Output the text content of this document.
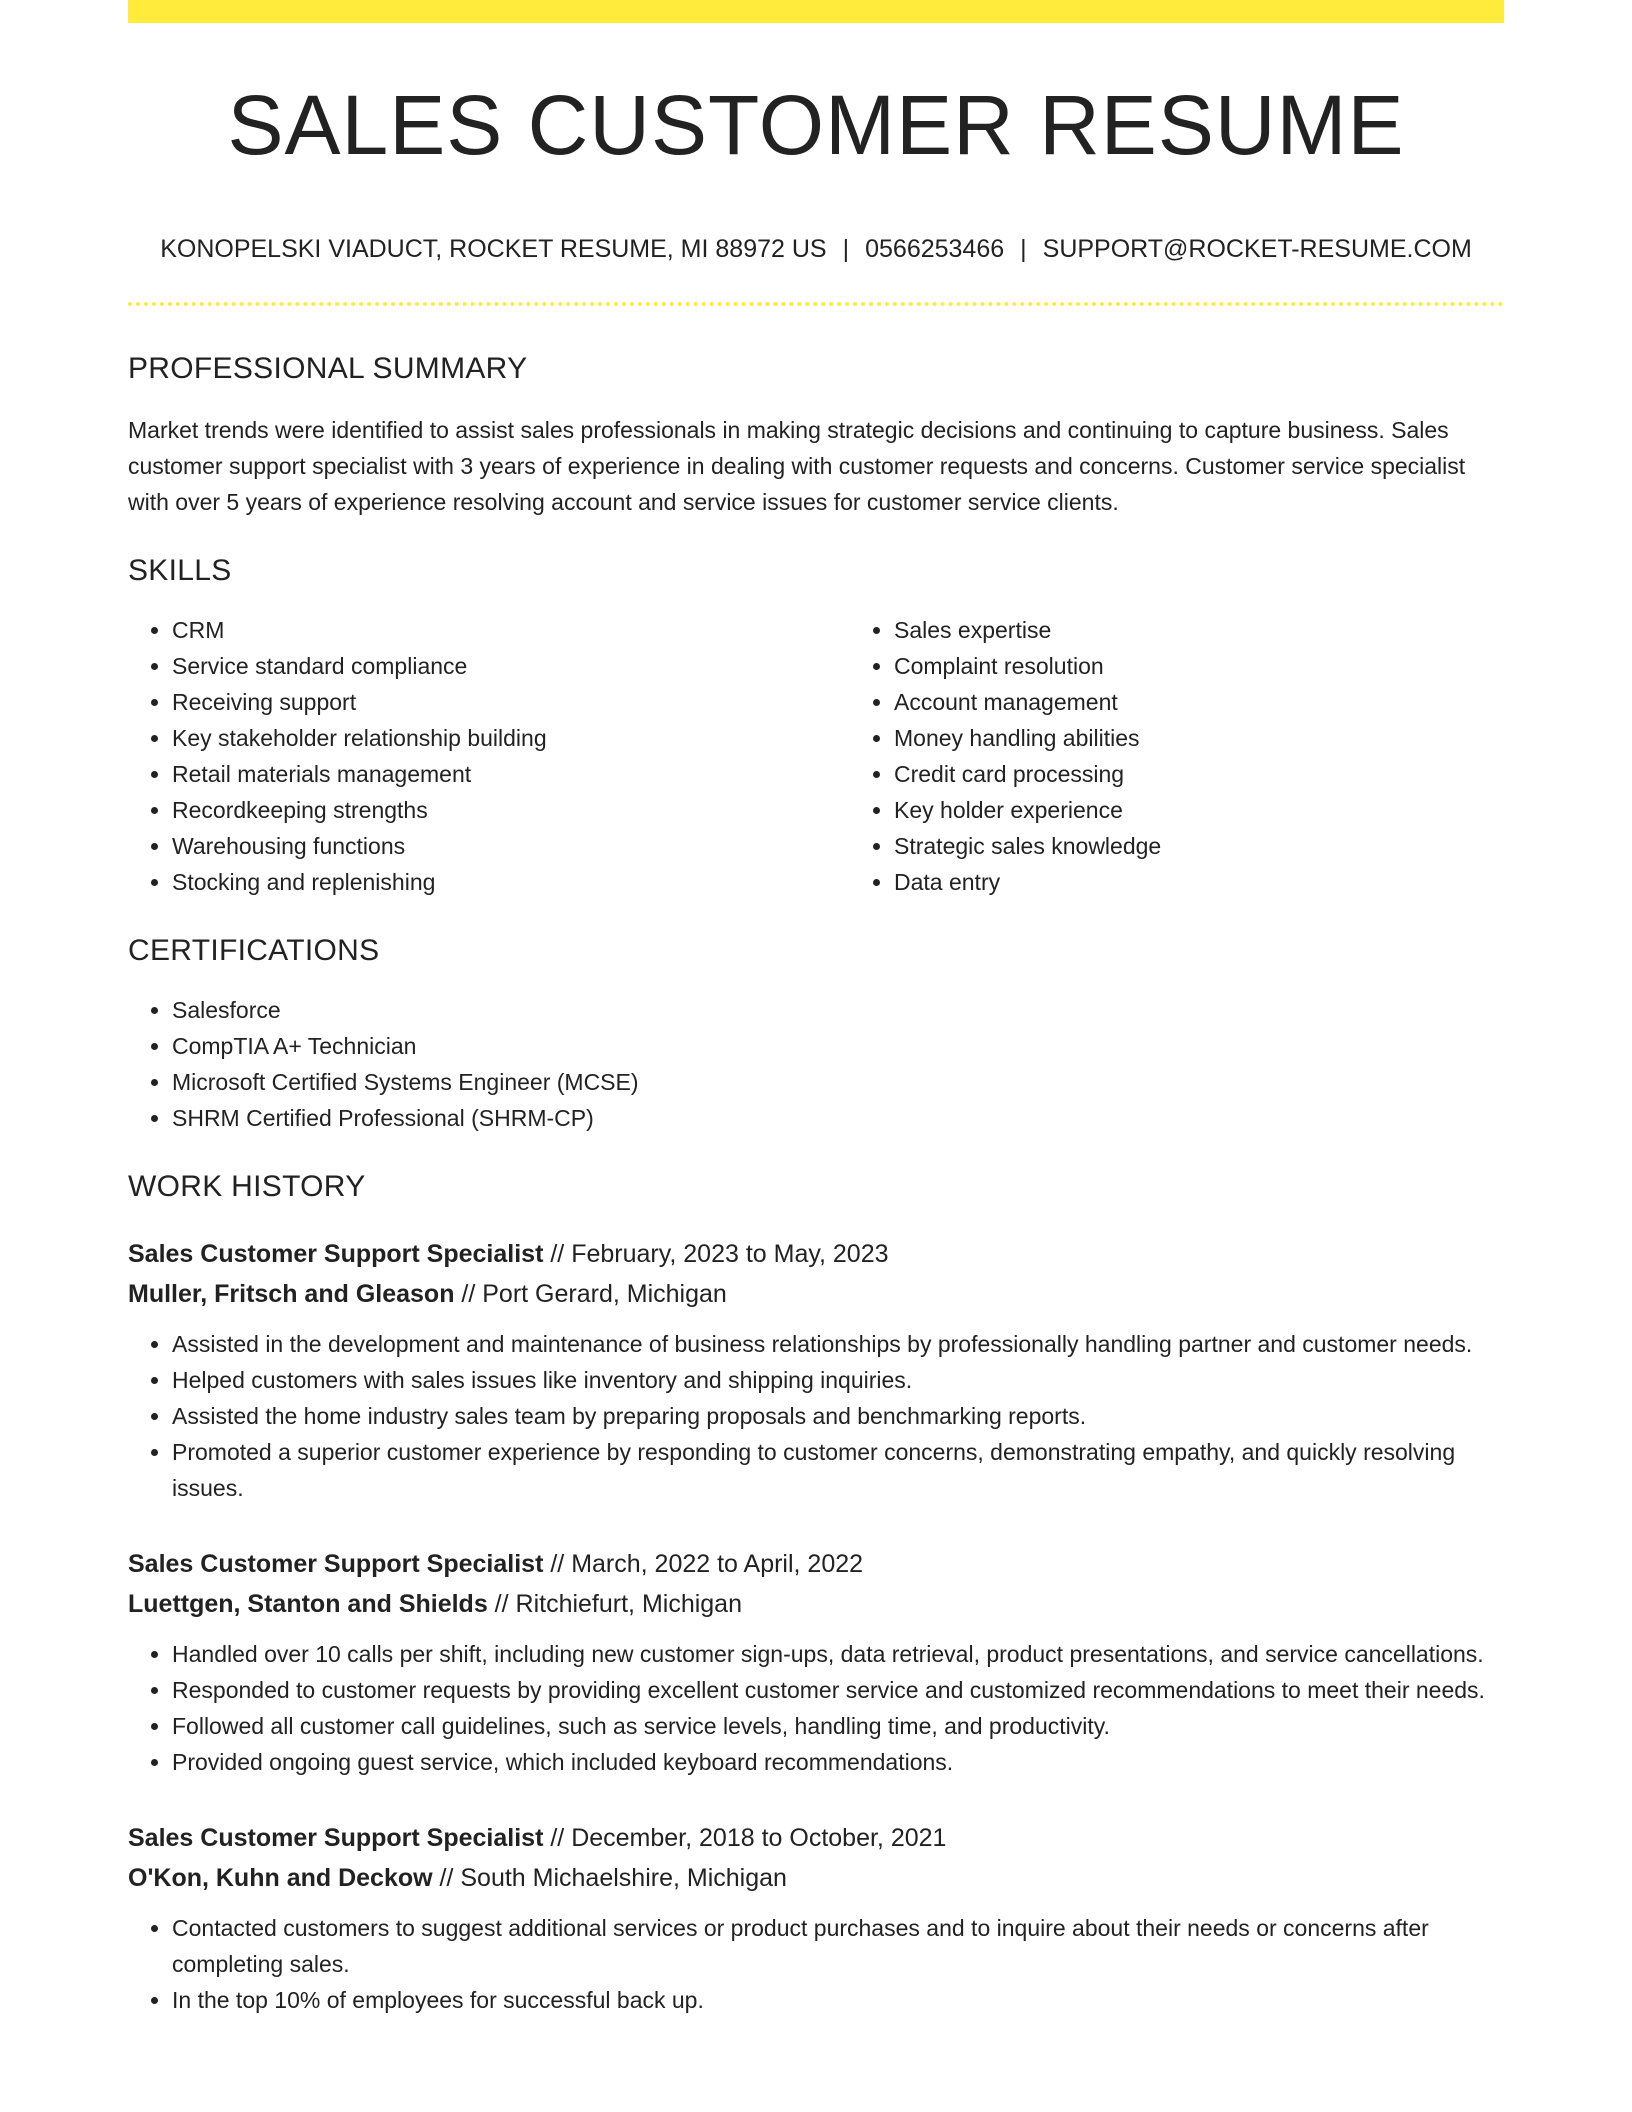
SALES CUSTOMER RESUME
KONOPELSKI VIADUCT, ROCKET RESUME, MI 88972 US | 0566253466 | SUPPORT@ROCKET-RESUME.COM
PROFESSIONAL SUMMARY

Market trends were identified to assist sales professionals in making strategic decisions and continuing to capture business. Sales customer support specialist with 3 years of experience in dealing with customer requests and concerns. Customer service specialist with over 5 years of experience resolving account and service issues for customer service clients.

SKILLS
• CRM
• Service standard compliance
• Receiving support
• Key stakeholder relationship building
• Retail materials management
• Recordkeeping strengths
• Warehousing functions
• Stocking and replenishing
• Sales expertise
• Complaint resolution
• Account management
• Money handling abilities
• Credit card processing
• Key holder experience
• Strategic sales knowledge
• Data entry
CERTIFICATIONS
• Salesforce
• CompTIA A+ Technician
• Microsoft Certified Systems Engineer (MCSE)
• SHRM Certified Professional (SHRM-CP)
WORK HISTORY
Sales Customer Support Specialist // February, 2023 to May, 2023
Muller, Fritsch and Gleason // Port Gerard, Michigan
• Assisted in the development and maintenance of business relationships by professionally handling partner and customer needs.
• Helped customers with sales issues like inventory and shipping inquiries.
• Assisted the home industry sales team by preparing proposals and benchmarking reports.
• Promoted a superior customer experience by responding to customer concerns, demonstrating empathy, and quickly resolving issues.
Sales Customer Support Specialist // March, 2022 to April, 2022
Luettgen, Stanton and Shields // Ritchiefurt, Michigan
• Handled over 10 calls per shift, including new customer sign-ups, data retrieval, product presentations, and service cancellations.
• Responded to customer requests by providing excellent customer service and customized recommendations to meet their needs.
• Followed all customer call guidelines, such as service levels, handling time, and productivity.
• Provided ongoing guest service, which included keyboard recommendations.
Sales Customer Support Specialist // December, 2018 to October, 2021
O'Kon, Kuhn and Deckow // South Michaelshire, Michigan
• Contacted customers to suggest additional services or product purchases and to inquire about their needs or concerns after completing sales.
• In the top 10% of employees for successful back up.
